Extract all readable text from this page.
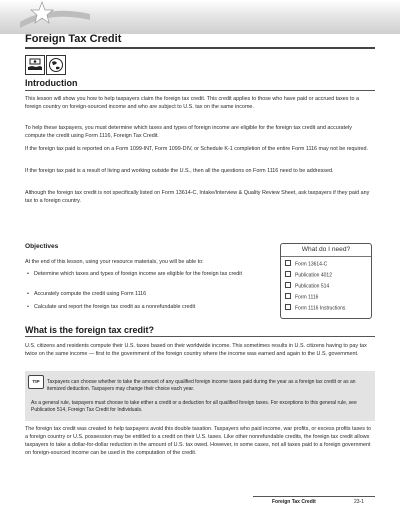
Foreign Tax Credit
Introduction

This lesson will show you how to help taxpayers claim the foreign tax credit. This credit applies to those who have paid or accrued taxes to a foreign country on foreign-sourced income and who are subject to U.S. tax on the same income.

To help these taxpayers, you must determine which taxes and types of foreign income are eligible for the foreign tax credit and accurately compute the credit using Form 1116, Foreign Tax Credit.

If the foreign tax paid is reported on a Form 1099-INT, Form 1099-DIV, or Schedule K-1 completion of the entire Form 1116 may not be required.

If the foreign tax paid is a result of living and working outside the U.S., then all the questions on Form 1116 need to be addressed.

Although the foreign tax credit is not specifically listed on Form 13614-C, Intake/Interview & Quality Review Sheet, ask taxpayers if they paid any tax to a foreign country.

Objectives

At the end of this lesson, using your resource materials, you will be able to:

• Determine which taxes and types of foreign income are eligible for the foreign tax credit
• Accurately compute the credit using Form 1116
• Calculate and report the foreign tax credit as a nonrefundable credit
What do I need?
Form 13614-C
Publication 4012
Publication 514
Form 1116
Form 1116 Instructions
What is the foreign tax credit?

U.S. citizens and residents compute their U.S. taxes based on their worldwide income. This sometimes results in U.S. citizens having to pay tax twice on the same income — first to the government of the foreign country where the income was earned and again to the U.S. government.

TIP	Taxpayers can choose whether to take the amount of any qualified foreign income taxes paid during the year as a foreign tax credit or as an itemized deduction. Taxpayers may change their choice each year.

As a general rule, taxpayers must choose to take either a credit or a deduction for all qualified foreign taxes. For exceptions to this general rule, see Publication 514, Foreign Tax Credit for Individuals.

The foreign tax credit was created to help taxpayers avoid this double taxation. Taxpayers who paid income, war profits, or excess profits taxes to a foreign country or U.S. possession may be entitled to a credit on their U.S. taxes. Like other nonrefundable credits, the foreign tax credit allows taxpayers to take a dollar-for-dollar reduction in the amount of U.S. tax owed. However, in some cases, not all taxes paid to a foreign government on foreign-sourced income can be used in the computation of the credit.

Foreign Tax Credit	23-1
